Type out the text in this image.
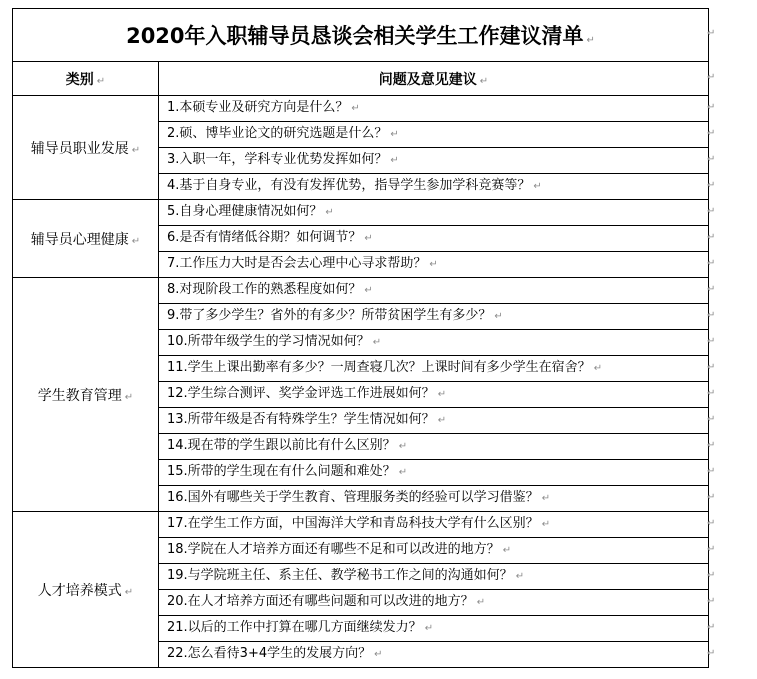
2020年入职辅导员恳谈会相关学生工作建议清单 ↵	
类别 ↵	问题及意见建议 ↵
辅导员职业发展 ↵	1.本硕专业及研究方向是什么？ ↵
	2.硕、博毕业论文的研究选题是什么？ ↵
	3.入职一年，学科专业优势发挥如何？ ↵
	4.基于自身专业，有没有发挥优势，指导学生参加学科竞赛等？ ↵
辅导员心理健康 ↵	5.自身心理健康情况如何？ ↵
	6.是否有情绪低谷期？如何调节？ ↵
	7.工作压力大时是否会去心理中心寻求帮助？ ↵
学生教育管理 ↵	8.对现阶段工作的熟悉程度如何？ ↵
	9.带了多少学生？省外的有多少？所带贫困学生有多少？ ↵
	10.所带年级学生的学习情况如何？ ↵
	11.学生上课出勤率有多少？一周查寝几次？上课时间有多少学生在宿舍？ ↵
	12.学生综合测评、奖学金评选工作进展如何？ ↵
	13.所带年级是否有特殊学生？学生情况如何？ ↵
	14.现在带的学生跟以前比有什么区别？ ↵
	15.所带的学生现在有什么问题和难处？ ↵
	16.国外有哪些关于学生教育、管理服务类的经验可以学习借鉴？ ↵
人才培养模式 ↵	17.在学生工作方面，中国海洋大学和青岛科技大学有什么区别？ ↵
	18.学院在人才培养方面还有哪些不足和可以改进的地方？ ↵
	19.与学院班主任、系主任、教学秘书工作之间的沟通如何？ ↵
	20.在人才培养方面还有哪些问题和可以改进的地方？ ↵
	21.以后的工作中打算在哪几方面继续发力？ ↵
	22.怎么看待3+4学生的发展方向？ ↵
↵
↵
↵
↵
↵
↵
↵
↵
↵
↵
↵
↵
↵
↵
↵
↵
↵
↵
↵
↵
↵
↵
↵
↵
